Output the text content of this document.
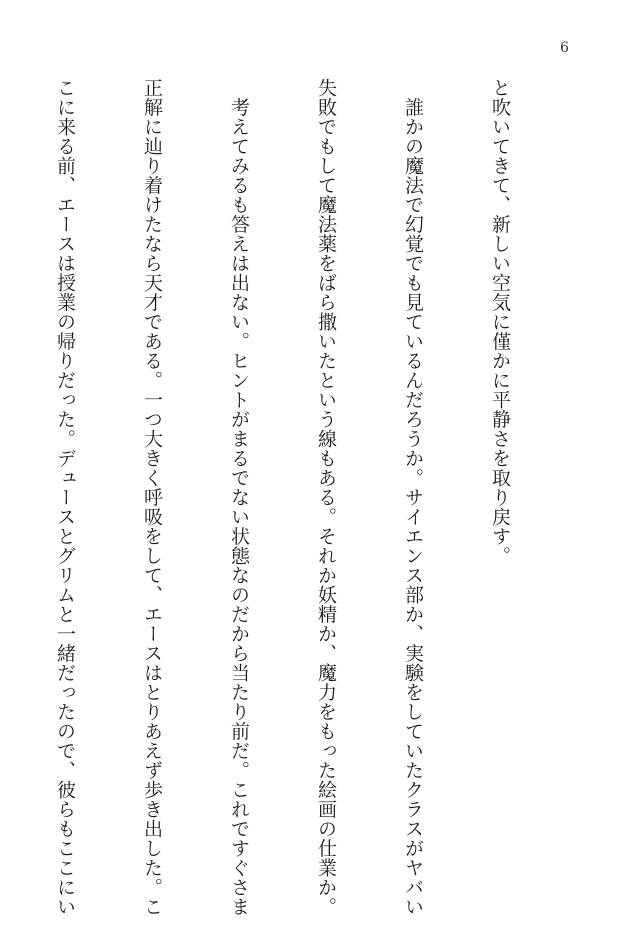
6

と吹いてきて、新しい空気に僅かに平静さを取り戻す。

　誰かの魔法で幻覚でも見ているんだろうか。サイエンス部か、実験をしていたクラスがヤバい

失敗でもして魔法薬をばら撒いたという線もある。それか妖精か、魔力をもった絵画の仕業か。

　考えてみるも答えは出ない。ヒントがまるでない状態なのだから当たり前だ。これですぐさま

正解に辿り着けたなら天才である。一つ大きく呼吸をして、エースはとりあえず歩き出した。こ

こに来る前、エースは授業の帰りだった。デュースとグリムと一緒だったので、彼らもここにい
